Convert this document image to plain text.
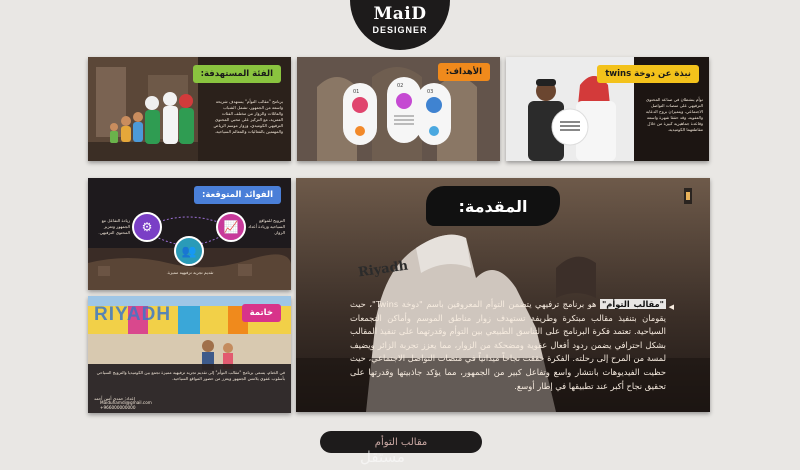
MaiD
DESIGNER
الفئة المستهدفة:
برنامج "مقالب التوأم" يستهدف شريحة واسعة من الجمهور، تشمل الشباب والعائلات والزوار من مختلف الفئات العمرية، مع التركيز على محبي المحتوى الترفيهي الكوميدي، وزوار موسم الرياض والمهتمين بالفعاليات والمعالم السياحية.
01
02
03
الأهداف:	نبذة عن دوخة twins
توأم ينشطان في صناعة المحتوى الترفيهي على منصات التواصل الاجتماعي، ويتميزان بروح الدعابة والعفوية، وقد حققا شهرة واسعة وقاعدة جماهيرية كبيرة من خلال مقاطعهما الكوميدية.
⚙	📈
👥
الفوائد المتوقعة:
زيادة التفاعل مع الجمهور وتعزيز المحتوى الترفيهي.
الترويج للمواقع السياحية وزيادة أعداد الزوار.
تقديم تجربة ترفيهية مميزة.
RIYADH	خاتمة
في الختام، يسعى برنامج "مقالب التوأم" إلى تقديم تجربة ترفيهية مميزة تجمع بين الكوميديا والترويج السياحي بأسلوب عفوي يلامس الجمهور ويعزز من حضور المواقع السياحية.
إعداد: حمدي أمين أحمد
Maiduhamdi@gmail.com
+966000000000
Riyadh
المقدمة:
◀
"مقالب التوأم" هو برنامج ترفيهي يتضمن التوأم المعروفين باسم "دوخة Twins"، حيث يقومان بتنفيذ مقالب مبتكرة وطريفة تستهدف زوار مناطق الموسم وأماكن التجمعات السياحية. تعتمد فكرة البرنامج على التناسق الطبيعي بين التوأم وقدرتهما على تنفيذ المقالب بشكل احترافي يضمن ردود أفعال عفوية ومضحكة من الزوار، مما يعزز تجربة الزائر ويضيف لمسة من المرح إلى رحلته. الفكرة حققت نجاحاً ميدانياً في منصات التواصل الاجتماعي، حيث حظيت الفيديوهات بانتشار واسع وتفاعل كبير من الجمهور، مما يؤكد جاذبيتها وقدرتها على تحقيق نجاح أكبر عند تطبيقها في إطار أوسع.
مقالب التوأم
مستقل
